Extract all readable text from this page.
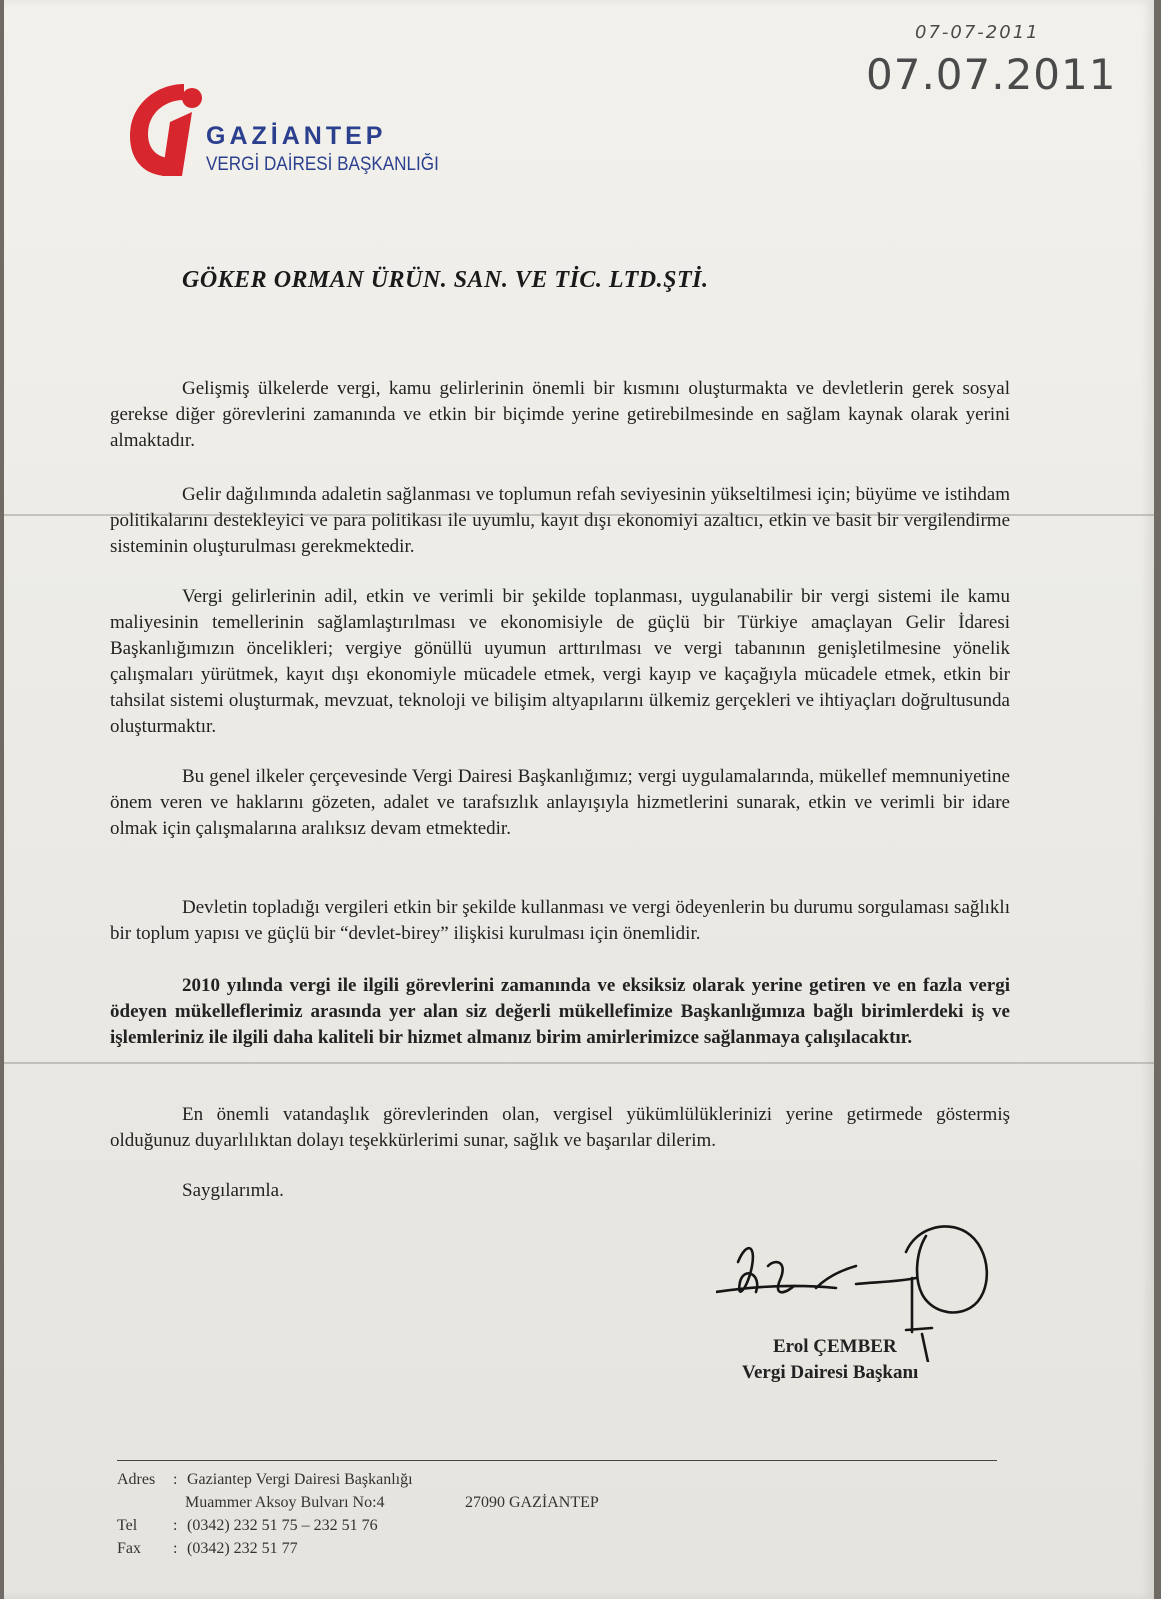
07-07-2011
07.07.2011
GAZİANTEP
VERGİ DAİRESİ BAŞKANLIĞI
GÖKER ORMAN ÜRÜN. SAN. VE TİC. LTD.ŞTİ.
Gelişmiş ülkelerde vergi, kamu gelirlerinin önemli bir kısmını oluşturmakta ve devletlerin gerek sosyal gerekse diğer görevlerini zamanında ve etkin bir biçimde yerine getirebilmesinde en sağlam kaynak olarak yerini almaktadır.
Gelir dağılımında adaletin sağlanması ve toplumun refah seviyesinin yükseltilmesi için; büyüme ve istihdam politikalarını destekleyici ve para politikası ile uyumlu, kayıt dışı ekonomiyi azaltıcı, etkin ve basit bir vergilendirme sisteminin oluşturulması gerekmektedir.
Vergi gelirlerinin adil, etkin ve verimli bir şekilde toplanması, uygulanabilir bir vergi sistemi ile kamu maliyesinin temellerinin sağlamlaştırılması ve ekonomisiyle de güçlü bir Türkiye amaçlayan Gelir İdaresi Başkanlığımızın öncelikleri; vergiye gönüllü uyumun arttırılması ve vergi tabanının genişletilmesine yönelik çalışmaları yürütmek, kayıt dışı ekonomiyle mücadele etmek, vergi kayıp ve kaçağıyla mücadele etmek, etkin bir tahsilat sistemi oluşturmak, mevzuat, teknoloji ve bilişim altyapılarını ülkemiz gerçekleri ve ihtiyaçları doğrultusunda oluşturmaktır.
Bu genel ilkeler çerçevesinde Vergi Dairesi Başkanlığımız; vergi uygulamalarında, mükellef memnuniyetine önem veren ve haklarını gözeten, adalet ve tarafsızlık anlayışıyla hizmetlerini sunarak, etkin ve verimli bir idare olmak için çalışmalarına aralıksız devam etmektedir.
Devletin topladığı vergileri etkin bir şekilde kullanması ve vergi ödeyenlerin bu durumu sorgulaması sağlıklı bir toplum yapısı ve güçlü bir “devlet-birey” ilişkisi kurulması için önemlidir.
2010 yılında vergi ile ilgili görevlerini zamanında ve eksiksiz olarak yerine getiren ve en fazla vergi ödeyen mükelleflerimiz arasında yer alan siz değerli mükellefimize Başkanlığımıza bağlı birimlerdeki iş ve işlemleriniz ile ilgili daha kaliteli bir hizmet almanız birim amirlerimizce sağlanmaya çalışılacaktır.
En önemli vatandaşlık görevlerinden olan, vergisel yükümlülüklerinizi yerine getirmede göstermiş olduğunuz duyarlılıktan dolayı teşekkürlerimi sunar, sağlık ve başarılar dilerim.
Saygılarımla.
Erol ÇEMBER
Vergi Dairesi Başkanı
Adres : Gaziantep Vergi Dairesi Başkanlığı
Muammer Aksoy Bulvarı No:4	27090 GAZİANTEP
Tel : (0342) 232 51 75 – 232 51 76
Fax : (0342) 232 51 77
